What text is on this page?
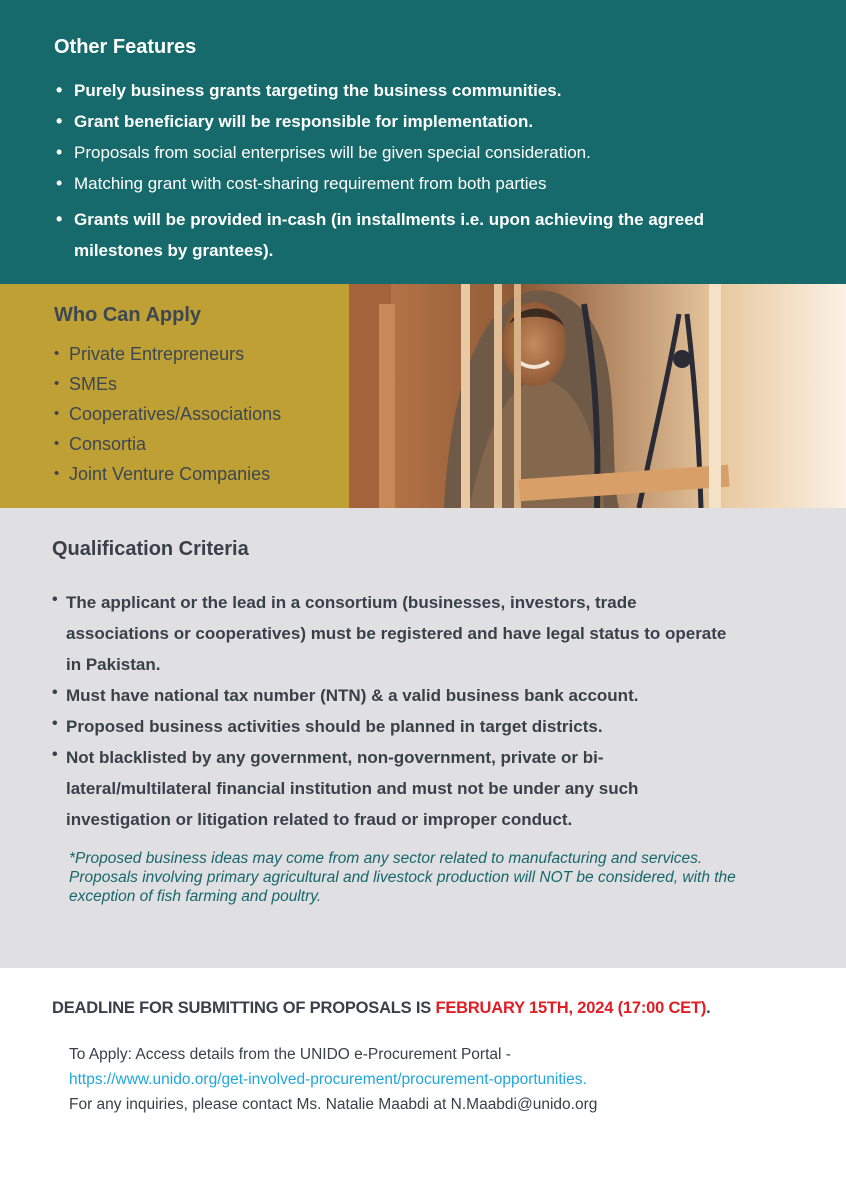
Other Features
• Purely business grants targeting the business communities.
• Grant beneficiary will be responsible for implementation.
• Proposals from social enterprises will be given special consideration.
• Matching grant with cost-sharing requirement from both parties
• Grants will be provided in-cash (in installments i.e. upon achieving the agreed milestones by grantees).
Who Can Apply
• Private Entrepreneurs
• SMEs
• Cooperatives/Associations
• Consortia
• Joint Venture Companies
Qualification Criteria
• The applicant or the lead in a consortium (businesses, investors, trade associations or cooperatives) must be registered and have legal status to operate in Pakistan.
• Must have national tax number (NTN) & a valid business bank account.
• Proposed business activities should be planned in target districts.
• Not blacklisted by any government, non-government, private or bi-lateral/multilateral financial institution and must not be under any such investigation or litigation related to fraud or improper conduct.

*Proposed business ideas may come from any sector related to manufacturing and services. Proposals involving primary agricultural and livestock production will NOT be considered, with the exception of fish farming and poultry.

DEADLINE FOR SUBMITTING OF PROPOSALS IS FEBRUARY 15TH, 2024 (17:00 CET).
To Apply: Access details from the UNIDO e-Procurement Portal -
https://www.unido.org/get-involved-procurement/procurement-opportunities.
For any inquiries, please contact Ms. Natalie Maabdi at N.Maabdi@unido.org
